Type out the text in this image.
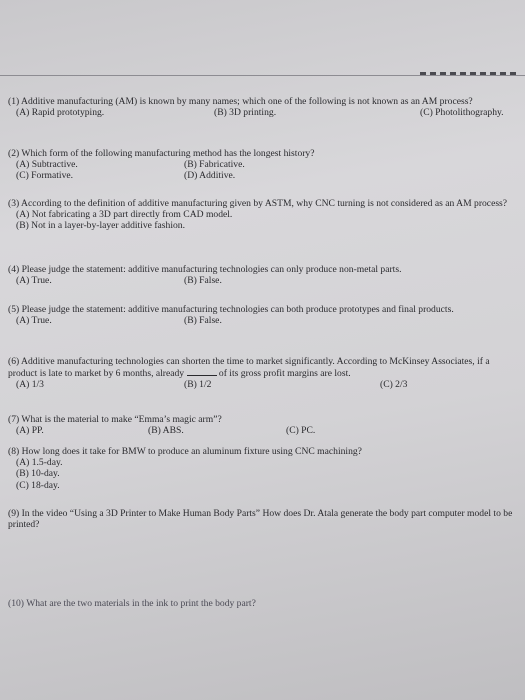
(1) Additive manufacturing (AM) is known by many names; which one of the following is not known as an AM process?
(A) Rapid prototyping.	(B) 3D printing.	(C) Photolithography.
(2) Which form of the following manufacturing method has the longest history?
(A) Subtractive.	(B) Fabricative.
(C) Formative.	(D) Additive.
(3) According to the definition of additive manufacturing given by ASTM, why CNC turning is not considered as an AM process?
(A) Not fabricating a 3D part directly from CAD model.
(B) Not in a layer-by-layer additive fashion.
(4) Please judge the statement: additive manufacturing technologies can only produce non-metal parts.
(A) True.	(B) False.
(5) Please judge the statement: additive manufacturing technologies can both produce prototypes and final products.
(A) True.	(B) False.
(6) Additive manufacturing technologies can shorten the time to market significantly. According to McKinsey Associates, if a product is late to market by 6 months, already	of its gross profit margins are lost.
(A) 1/3	(B) 1/2	(C) 2/3
(7) What is the material to make “Emma’s magic arm”?
(A) PP.	(B) ABS.	(C) PC.
(8) How long does it take for BMW to produce an aluminum fixture using CNC machining?
(A) 1.5-day.
(B) 10-day.
(C) 18-day.
(9) In the video “Using a 3D Printer to Make Human Body Parts” How does Dr. Atala generate the body part computer model to be printed?
(10) What are the two materials in the ink to print the body part?
